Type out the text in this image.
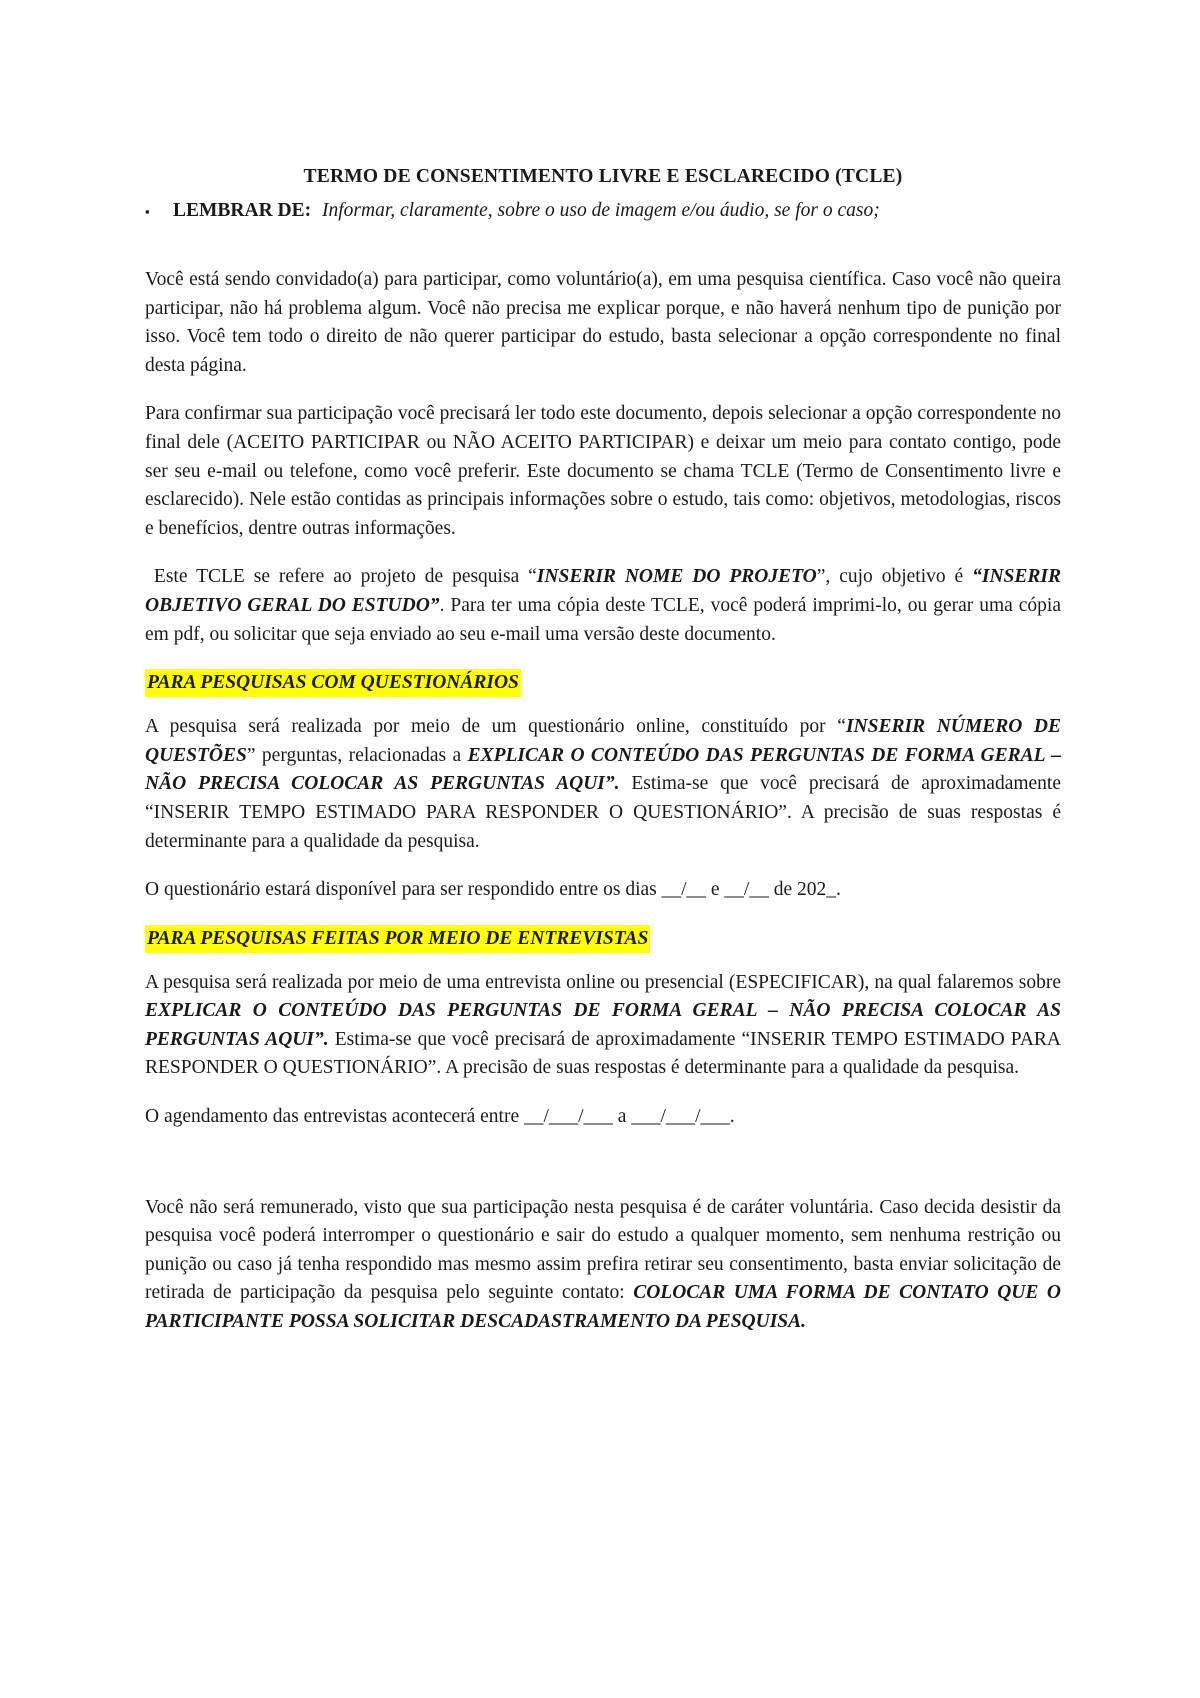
TERMO DE CONSENTIMENTO LIVRE E ESCLARECIDO (TCLE)
▪	LEMBRAR DE: Informar, claramente, sobre o uso de imagem e/ou áudio, se for o caso;

Você está sendo convidado(a) para participar, como voluntário(a), em uma pesquisa científica. Caso você não queira participar, não há problema algum. Você não precisa me explicar porque, e não haverá nenhum tipo de punição por isso. Você tem todo o direito de não querer participar do estudo, basta selecionar a opção correspondente no final desta página.

Para confirmar sua participação você precisará ler todo este documento, depois selecionar a opção correspondente no final dele (ACEITO PARTICIPAR ou NÃO ACEITO PARTICIPAR) e deixar um meio para contato contigo, pode ser seu e-mail ou telefone, como você preferir. Este documento se chama TCLE (Termo de Consentimento livre e esclarecido). Nele estão contidas as principais informações sobre o estudo, tais como: objetivos, metodologias, riscos e benefícios, dentre outras informações.

Este TCLE se refere ao projeto de pesquisa “INSERIR NOME DO PROJETO”, cujo objetivo é “INSERIR OBJETIVO GERAL DO ESTUDO”. Para ter uma cópia deste TCLE, você poderá imprimi-lo, ou gerar uma cópia em pdf, ou solicitar que seja enviado ao seu e-mail uma versão deste documento.

PARA PESQUISAS COM QUESTIONÁRIOS

A pesquisa será realizada por meio de um questionário online, constituído por “INSERIR NÚMERO DE QUESTÕES” perguntas, relacionadas a EXPLICAR O CONTEÚDO DAS PERGUNTAS DE FORMA GERAL – NÃO PRECISA COLOCAR AS PERGUNTAS AQUI”. Estima-se que você precisará de aproximadamente “INSERIR TEMPO ESTIMADO PARA RESPONDER O QUESTIONÁRIO”. A precisão de suas respostas é determinante para a qualidade da pesquisa.

O questionário estará disponível para ser respondido entre os dias __/__ e __/__ de 202_.

PARA PESQUISAS FEITAS POR MEIO DE ENTREVISTAS

A pesquisa será realizada por meio de uma entrevista online ou presencial (ESPECIFICAR), na qual falaremos sobre EXPLICAR O CONTEÚDO DAS PERGUNTAS DE FORMA GERAL – NÃO PRECISA COLOCAR AS PERGUNTAS AQUI”. Estima-se que você precisará de aproximadamente “INSERIR TEMPO ESTIMADO PARA RESPONDER O QUESTIONÁRIO”. A precisão de suas respostas é determinante para a qualidade da pesquisa.

O agendamento das entrevistas acontecerá entre __/___/___ a ___/___/___.

Você não será remunerado, visto que sua participação nesta pesquisa é de caráter voluntária. Caso decida desistir da pesquisa você poderá interromper o questionário e sair do estudo a qualquer momento, sem nenhuma restrição ou punição ou caso já tenha respondido mas mesmo assim prefira retirar seu consentimento, basta enviar solicitação de retirada de participação da pesquisa pelo seguinte contato: COLOCAR UMA FORMA DE CONTATO QUE O PARTICIPANTE POSSA SOLICITAR DESCADASTRAMENTO DA PESQUISA.
